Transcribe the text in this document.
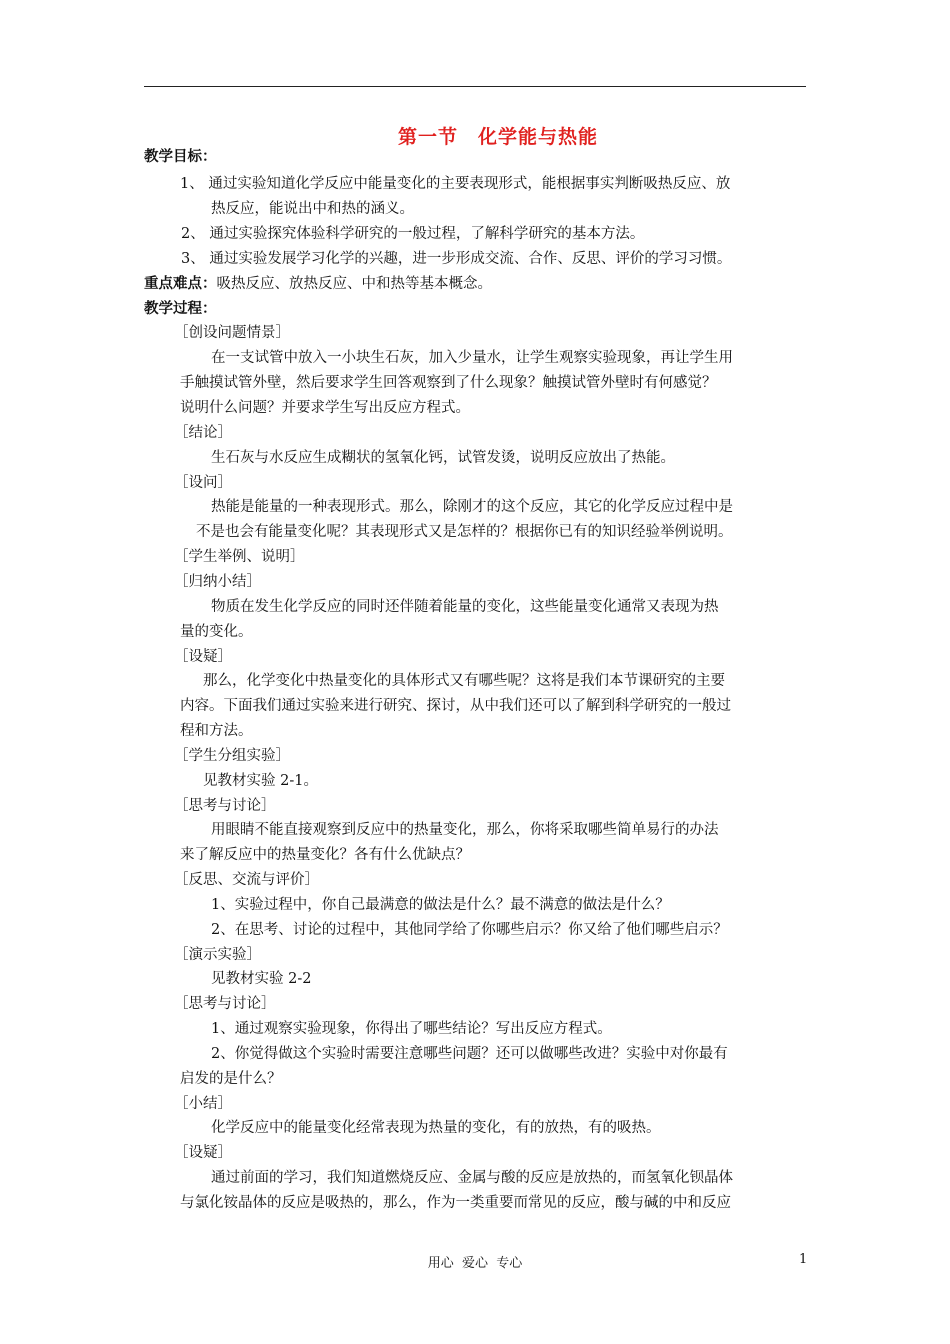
第一节　化学能与热能
教学目标：
1、 通过实验知道化学反应中能量变化的主要表现形式，能根据事实判断吸热反应、放
热反应，能说出中和热的涵义。
2、 通过实验探究体验科学研究的一般过程，了解科学研究的基本方法。
3、 通过实验发展学习化学的兴趣，进一步形成交流、合作、反思、评价的学习习惯。
重点难点：吸热反应、放热反应、中和热等基本概念。
教学过程：
［创设问题情景］
在一支试管中放入一小块生石灰，加入少量水，让学生观察实验现象，再让学生用
手触摸试管外壁，然后要求学生回答观察到了什么现象？触摸试管外壁时有何感觉？
说明什么问题？并要求学生写出反应方程式。
［结论］
生石灰与水反应生成糊状的氢氧化钙，试管发烫，说明反应放出了热能。
［设问］
热能是能量的一种表现形式。那么，除刚才的这个反应，其它的化学反应过程中是
不是也会有能量变化呢？其表现形式又是怎样的？根据你已有的知识经验举例说明。
［学生举例、说明］
［归纳小结］
物质在发生化学反应的同时还伴随着能量的变化，这些能量变化通常又表现为热
量的变化。
［设疑］
那么，化学变化中热量变化的具体形式又有哪些呢？这将是我们本节课研究的主要
内容。下面我们通过实验来进行研究、探讨，从中我们还可以了解到科学研究的一般过
程和方法。
［学生分组实验］
见教材实验 2-1。
［思考与讨论］
用眼睛不能直接观察到反应中的热量变化，那么，你将采取哪些简单易行的办法
来了解反应中的热量变化？各有什么优缺点？
［反思、交流与评价］
1、实验过程中，你自己最满意的做法是什么？最不满意的做法是什么？
2、在思考、讨论的过程中，其他同学给了你哪些启示？你又给了他们哪些启示？
［演示实验］
见教材实验 2-2
［思考与讨论］
1、通过观察实验现象，你得出了哪些结论？写出反应方程式。
2、你觉得做这个实验时需要注意哪些问题？还可以做哪些改进？实验中对你最有
启发的是什么？
［小结］
化学反应中的能量变化经常表现为热量的变化，有的放热，有的吸热。
［设疑］
通过前面的学习，我们知道燃烧反应、金属与酸的反应是放热的，而氢氧化钡晶体
与氯化铵晶体的反应是吸热的，那么，作为一类重要而常见的反应，酸与碱的中和反应
用心  爱心  专心	1
